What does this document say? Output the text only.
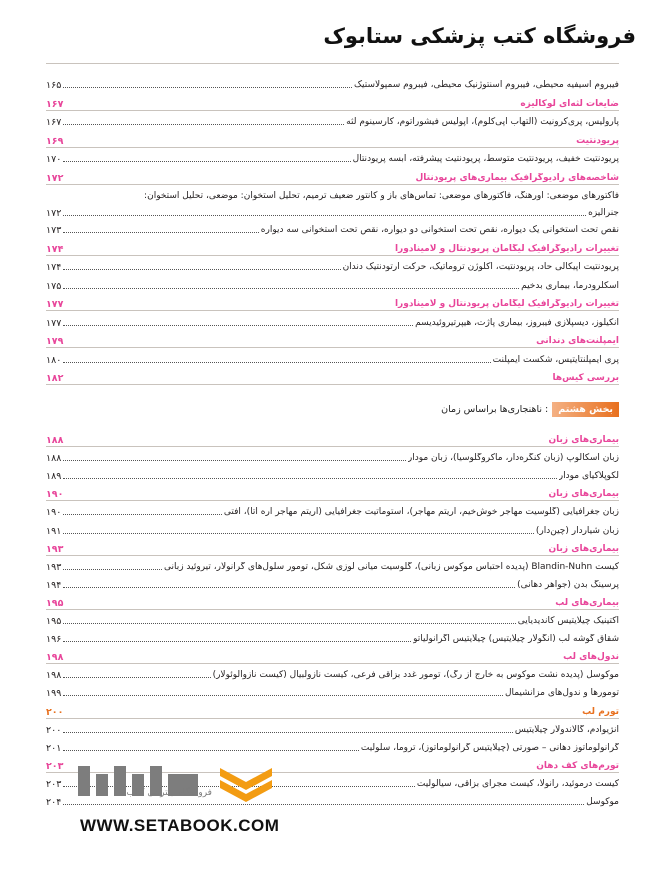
فروشگاه کتب پزشکی ستابوک
فیبروم اسیفیه محیطی، فیبروم اسنتوژنیک محیطی، فیبروم سمپولاستیک
۱۶۵
ضایعات لثه‌ای لوکالیزه
۱۶۷
پارولیس، پری‌کرونیت (التهاب اپی‌کلوم)، اپولیس فیشوراتوم، کارسینوم لثه
۱۶۷
پریودنتیت
۱۶۹
پریودنتیت خفیف، پریودنتیت متوسط، پریودنتیت پیشرفته، آبسه پریودنتال
۱۷۰
شاخصه‌های رادیوگرافیک بیماری‌های پریودنتال
۱۷۲
فاکتورهای موضعی: اورهنگ، فاکتورهای موضعی: تماس‌های باز و کانتور ضعیف ترمیم، تحلیل استخوان: موضعی، تحلیل استخوان:
جنرالیزه
۱۷۲
نقص تحت استخوانی یک دیواره، نقص تحت استخوانی دو دیواره، نقص تحت استخوانی سه دیواره
۱۷۳
تغییرات رادیوگرافیک لیگامان پریودنتال و لامینادورا
۱۷۴
پریودنتیت اپیکالی حاد، پریودنتیت، اکلوژن تروماتیک، حرکت ارتودنتیک دندان
۱۷۴
اسکلرودرما، بیماری بدخیم
۱۷۵
تغییرات رادیوگرافیک لیگامان پریودنتال و لامینادورا
۱۷۷
انکیلوز، دیسپلازی فیبروز، بیماری پاژت، هیپرتیروئیدیسم
۱۷۷
ایمپلنت‌های دندانی
۱۷۹
پری ایمپلنتایتیس، شکست ایمپلنت
۱۸۰
بررسی کیس‌ها
۱۸۲
بخش هشتم
: ناهنجاری‌ها براساس زمان
بیماری‌های زبان
۱۸۸
زبان اسکالوپ (زبان کنگره‌دار، ماکروگلوسیا)، زبان مودار
۱۸۸
لکوپلاکیای مودار
۱۸۹
بیماری‌های زبان
۱۹۰
زبان جغرافیایی (گلوسیت مهاجر خوش‌خیم، اریتم مهاجر)، استوماتیت جغرافیایی (اریتم مهاجر آره آتا)، آفتی
۱۹۰
زبان شیاردار (چین‌دار)
۱۹۱
بیماری‌های زبان
۱۹۳
کیست Blandin-Nuhn (پدیده احتباس موکوس زبانی)، گلوسیت میانی لوزی شکل، تومور سلول‌های گرانولار، تیروئید زبانی
۱۹۳
پرسینگ بدن (جواهر دهانی)
۱۹۴
بیماری‌های لب
۱۹۵
اکتینیک چیلایتیس کاندیدیایی
۱۹۵
شقاق گوشه لب (انگولار چیلایتیس) چیلایتیس اگرانولیاتو
۱۹۶
ندول‌های لب
۱۹۸
موکوسل (پدیده نشت موکوس به خارج از رگ)، تومور غدد بزاقی فرعی، کیست نازولبیال (کیست نازوآلوئولار)
۱۹۸
تومورها و ندول‌های مزانشیمال
۱۹۹
تورم لب
۲۰۰
آنژیوادم، گالاندولار چیلایتیس
۲۰۰
گرانولوماتوز دهانی – صورتی (چیلایتیس گرانولوماتوز)، تروما، سلولیت
۲۰۱
تورم‌های کف دهان
۲۰۳
کیست درموئید، رانولا، کیست مجرای بزاقی، سیالولیت
۲۰۳
موکوسل
۲۰۴
فروشگاه اینترنتی کتاب
WWW.SETABOOK.COM
